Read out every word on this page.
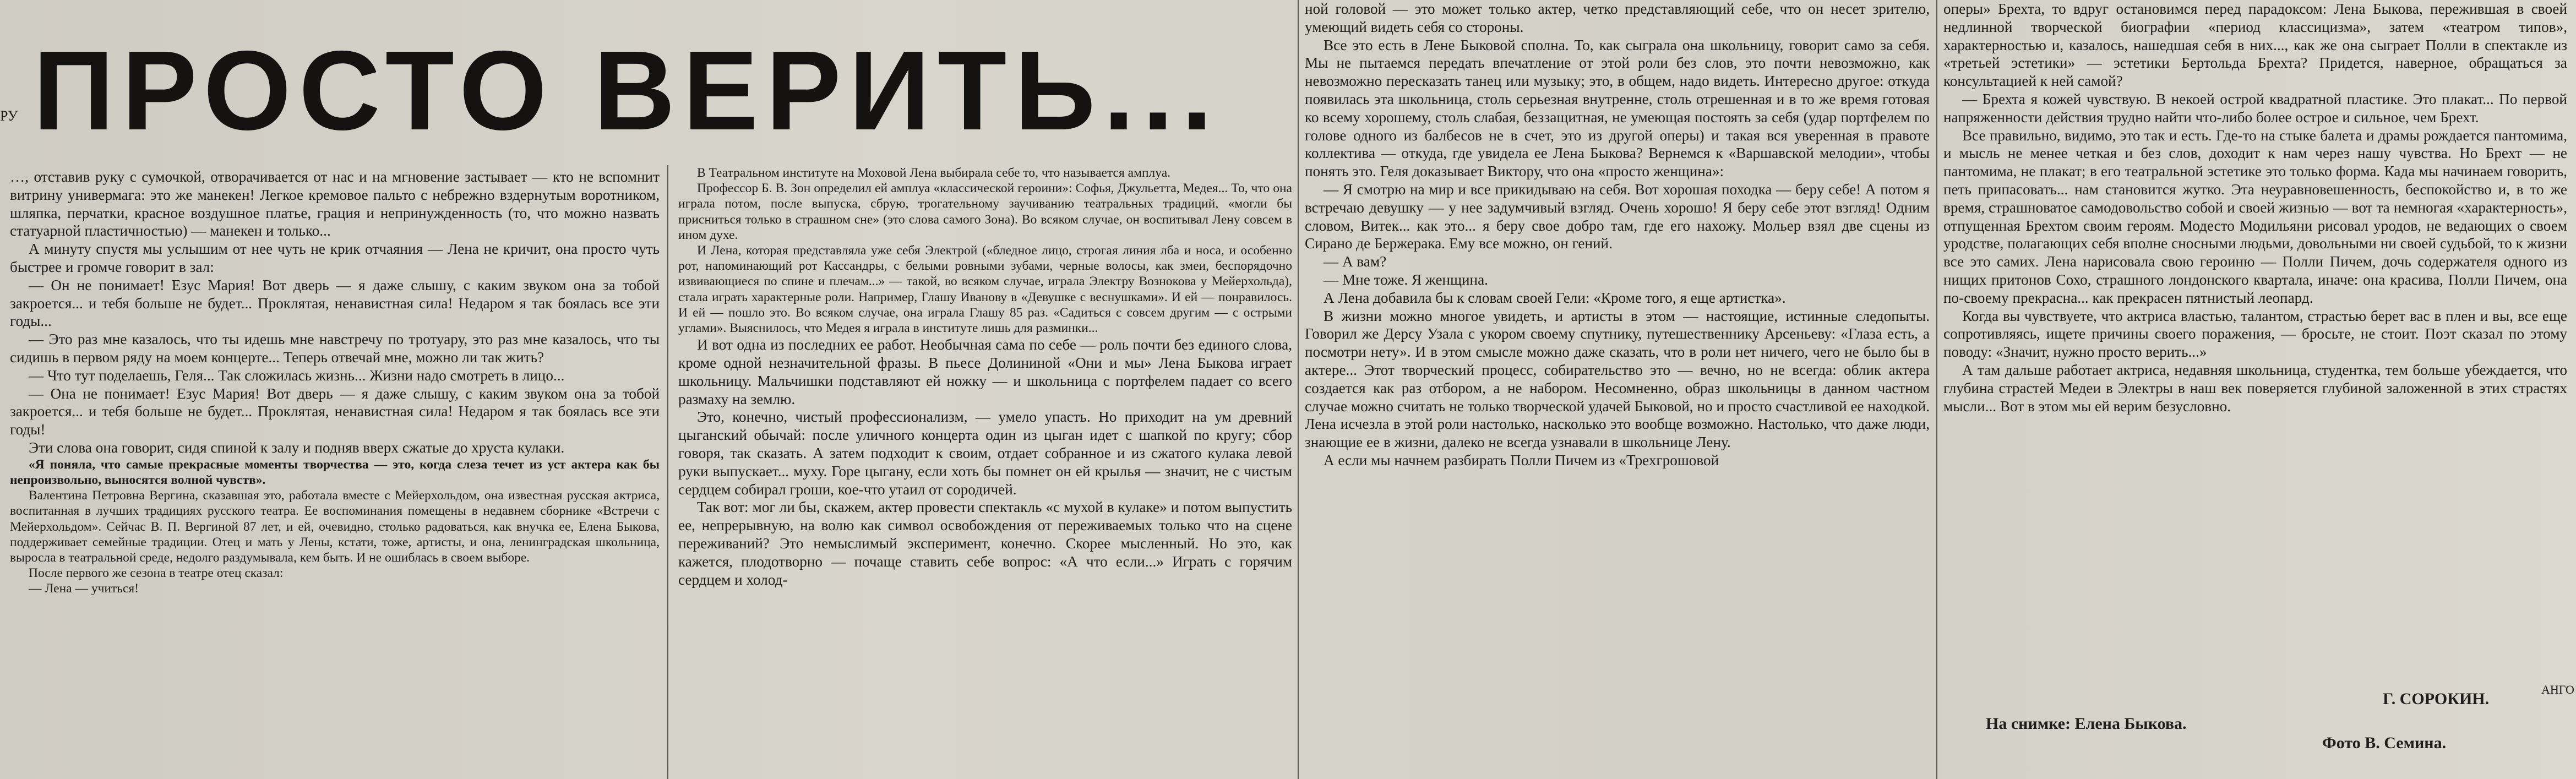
ПРОСТО ВЕРИТЬ...
РУ
АНГО

…, отставив руку с сумочкой, отворачивается от нас и на мгновение застывает — кто не вспомнит витрину универмага: это же манекен! Легкое кремовое пальто с небрежно вздернутым воротником, шляпка, перчатки, красное воздушное платье, грация и непринужденность (то, что можно назвать статуарной пластичностью) — манекен и только...

А минуту спустя мы услышим от нее чуть не крик отчаяния — Лена не кричит, она просто чуть быстрее и громче говорит в зал:

— Он не понимает! Езус Мария! Вот дверь — я даже слышу, с каким звуком она за тобой закроется... и тебя больше не будет... Проклятая, ненавистная сила! Недаром я так боялась все эти годы...

— Это раз мне казалось, что ты идешь мне навстречу по тротуару, это раз мне казалось, что ты сидишь в первом ряду на моем концерте... Теперь отвечай мне, можно ли так жить?

— Что тут поделаешь, Геля... Так сложилась жизнь... Жизни надо смотреть в лицо...

— Она не понимает! Езус Мария! Вот дверь — я даже слышу, с каким звуком она за тобой закроется... и тебя больше не будет... Проклятая, ненавистная сила! Недаром я так боялась все эти годы!

Эти слова она говорит, сидя спиной к залу и подняв вверх сжатые до хруста кулаки.

«Я поняла, что самые прекрасные моменты творчества — это, когда слеза течет из уст актера как бы непроизвольно, выносятся волной чувств».

Валентина Петровна Вергина, сказавшая это, работала вместе с Мейерхольдом, она известная русская актриса, воспитанная в лучших традициях русского театра. Ее воспоминания помещены в недавнем сборнике «Встречи с Мейерхольдом». Сейчас В. П. Вергиной 87 лет, и ей, очевидно, столько радоваться, как внучка ее, Елена Быкова, поддерживает семейные традиции. Отец и мать у Лены, кстати, тоже, артисты, и она, ленинградская школьница, выросла в театральной среде, недолго раздумывала, кем быть. И не ошиблась в своем выборе.

После первого же сезона в театре отец сказал:

— Лена — учиться!

В Театральном институте на Моховой Лена выбирала себе то, что называется амплуа.

Профессор Б. В. Зон определил ей амплуа «классической героини»: Софья, Джульетта, Медея... То, что она играла потом, после выпуска, сбрую, трогательному заучиванию театральных традиций, «могли бы присниться только в страшном сне» (это слова самого Зона). Во всяком случае, он воспитывал Лену совсем в ином духе.

И Лена, которая представляла уже себя Электрой («бледное лицо, строгая линия лба и носа, и особенно рот, напоминающий рот Кассандры, с белыми ровными зубами, черные волосы, как змеи, беспорядочно извивающиеся по спине и плечам...» — такой, во всяком случае, играла Электру Вознокова у Мейерхольда), стала играть характерные роли. Например, Глашу Иванову в «Девушке с веснушками». И ей — понравилось. И ей — пошло это. Во всяком случае, она играла Глашу 85 раз. «Садиться с совсем другим — с острыми углами». Выяснилось, что Медея я играла в институте лишь для разминки...

И вот одна из последних ее работ. Необычная сама по себе — роль почти без единого слова, кроме одной незначительной фразы. В пьесе Долининой «Они и мы» Лена Быкова играет школьницу. Мальчишки подставляют ей ножку — и школьница с портфелем падает со всего размаху на землю.

Это, конечно, чистый профессионализм, — умело упасть. Но приходит на ум древний цыганский обычай: после уличного концерта один из цыган идет с шапкой по кругу; сбор говоря, так сказать. А затем подходит к своим, отдает собранное и из сжатого кулака левой руки выпускает... муху. Горе цыгану, если хоть бы помнет он ей крылья — значит, не с чистым сердцем собирал гроши, кое-что утаил от сородичей.

Так вот: мог ли бы, скажем, актер провести спектакль «с мухой в кулаке» и потом выпустить ее, непрерывную, на волю как символ освобождения от переживаемых только что на сцене переживаний? Это немыслимый эксперимент, конечно. Скорее мысленный. Но это, как кажется, плодотворно — почаще ставить себе вопрос: «А что если...» Играть с горячим сердцем и холод-

ной головой — это может только актер, четко представляющий себе, что он несет зрителю, умеющий видеть себя со стороны.

Все это есть в Лене Быковой сполна. То, как сыграла она школьницу, говорит само за себя. Мы не пытаемся передать впечатление от этой роли без слов, это почти невозможно, как невозможно пересказать танец или музыку; это, в общем, надо видеть. Интересно другое: откуда появилась эта школьница, столь серьезная внутренне, столь отрешенная и в то же время готовая ко всему хорошему, столь слабая, беззащитная, не умеющая постоять за себя (удар портфелем по голове одного из балбесов не в счет, это из другой оперы) и такая вся уверенная в правоте коллектива — откуда, где увидела ее Лена Быкова? Вернемся к «Варшавской мелодии», чтобы понять это. Геля доказывает Виктору, что она «просто женщина»:

— Я смотрю на мир и все прикидываю на себя. Вот хорошая походка — беру себе! А потом я встречаю девушку — у нее задумчивый взгляд. Очень хорошо! Я беру себе этот взгляд! Одним словом, Витек... как это... я беру свое добро там, где его нахожу. Мольер взял две сцены из Сирано де Бержерака. Ему все можно, он гений.

— А вам?

— Мне тоже. Я женщина.

А Лена добавила бы к словам своей Гели: «Кроме того, я еще артистка».

В жизни можно многое увидеть, и артисты в этом — настоящие, истинные следопыты. Говорил же Дерсу Узала с укором своему спутнику, путешественнику Арсеньеву: «Глаза есть, а посмотри нету». И в этом смысле можно даже сказать, что в роли нет ничего, чего не было бы в актере... Этот творческий процесс, собирательство это — вечно, но не всегда: облик актера создается как раз отбором, а не набором. Несомненно, образ школьницы в данном частном случае можно считать не только творческой удачей Быковой, но и просто счастливой ее находкой. Лена исчезла в этой роли настолько, насколько это вообще возможно. Настолько, что даже люди, знающие ее в жизни, далеко не всегда узнавали в школьнице Лену.

А если мы начнем разбирать Полли Пичем из «Трехгрошовой

оперы» Брехта, то вдруг остановимся перед парадоксом: Лена Быкова, пережившая в своей недлинной творческой биографии «период классицизма», затем «театром типов», характерностью и, казалось, нашедшая себя в них..., как же она сыграет Полли в спектакле из «третьей эстетики» — эстетики Бертольда Брехта? Придется, наверное, обращаться за консультацией к ней самой?

— Брехта я кожей чувствую. В некоей острой квадратной пластике. Это плакат... По первой напряженности действия трудно найти что-либо более острое и сильное, чем Брехт.

Все правильно, видимо, это так и есть. Где-то на стыке балета и драмы рождается пантомима, и мысль не менее четкая и без слов, доходит к нам через нашу чувства. Но Брехт — не пантомима, не плакат; в его театральной эстетике это только форма. Када мы начинаем говорить, петь припасовать... нам становится жутко. Эта неуравновешенность, беспокойство и, в то же время, страшноватое самодовольство собой и своей жизнью — вот та немногая «характерность», отпущенная Брехтом своим героям. Модесто Модильяни рисовал уродов, не ведающих о своем уродстве, полагающих себя вполне сносными людьми, довольными ни своей судьбой, то к жизни все это самих. Лена нарисовала свою героиню — Полли Пичем, дочь содержателя одного из нищих притонов Сохо, страшного лондонского квартала, иначе: она красива, Полли Пичем, она по-своему прекрасна... как прекрасен пятнистый леопард.

Когда вы чувствуете, что актриса властью, талантом, страстью берет вас в плен и вы, все еще сопротивляясь, ищете причины своего поражения, — бросьте, не стоит. Поэт сказал по этому поводу: «Значит, нужно просто верить...»

А там дальше работает актриса, недавняя школьница, студентка, тем больше убеждается, что глубина страстей Медеи в Электры в наш век поверяется глубиной заложенной в этих страстях мысли... Вот в этом мы ей верим безусловно.

Г. СОРОКИН.
На снимке: Елена Быкова.
Фото В. Семина.
